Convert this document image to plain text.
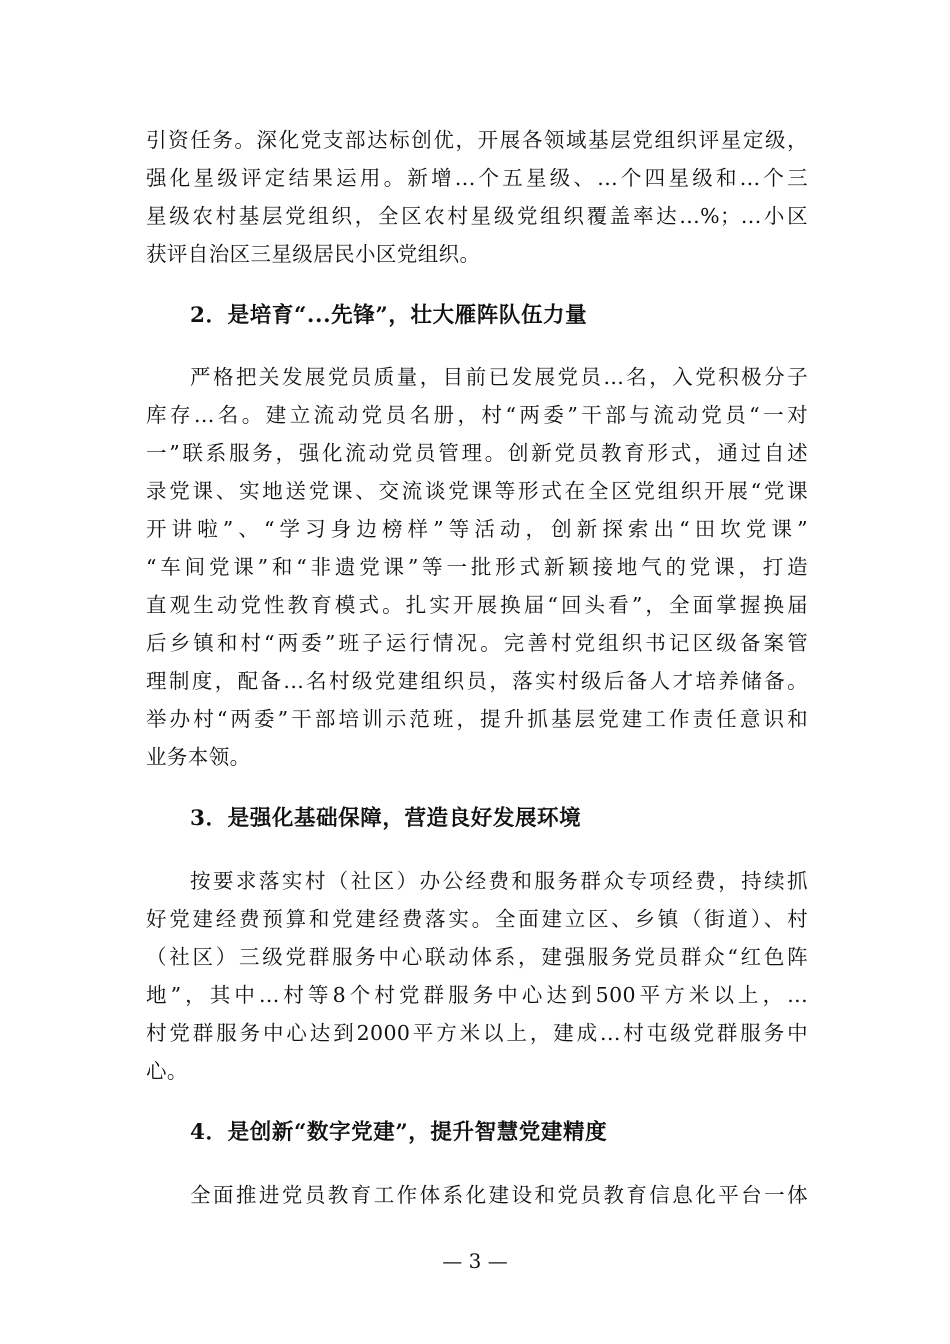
引资任务。深化党支部达标创优，开展各领域基层党组织评星定级，
强化星级评定结果运用。新增...个五星级、...个四星级和...个三
星级农村基层党组织，全区农村星级党组织覆盖率达...%；...小区
获评自治区三星级居民小区党组织。
2．是培育“...先锋”，壮大雁阵队伍力量
严格把关发展党员质量，目前已发展党员...名，入党积极分子
库存...名。建立流动党员名册，村“两委”干部与流动党员“一对
一”联系服务，强化流动党员管理。创新党员教育形式，通过自述
录党课、实地送党课、交流谈党课等形式在全区党组织开展“党课
开讲啦”、“学习身边榜样”等活动，创新探索出“田坎党课”
“车间党课”和“非遗党课”等一批形式新颖接地气的党课，打造
直观生动党性教育模式。扎实开展换届“回头看”，全面掌握换届
后乡镇和村“两委”班子运行情况。完善村党组织书记区级备案管
理制度，配备...名村级党建组织员，落实村级后备人才培养储备。
举办村“两委”干部培训示范班，提升抓基层党建工作责任意识和
业务本领。
3．是强化基础保障，营造良好发展环境
按要求落实村（社区）办公经费和服务群众专项经费，持续抓
好党建经费预算和党建经费落实。全面建立区、乡镇（街道）、村
（社区）三级党群服务中心联动体系，建强服务党员群众“红色阵
地”，其中...村等8个村党群服务中心达到500平方米以上，...
村党群服务中心达到2000平方米以上，建成...村屯级党群服务中
心。
4．是创新“数字党建”，提升智慧党建精度
全面推进党员教育工作体系化建设和党员教育信息化平台一体
— 3 —
